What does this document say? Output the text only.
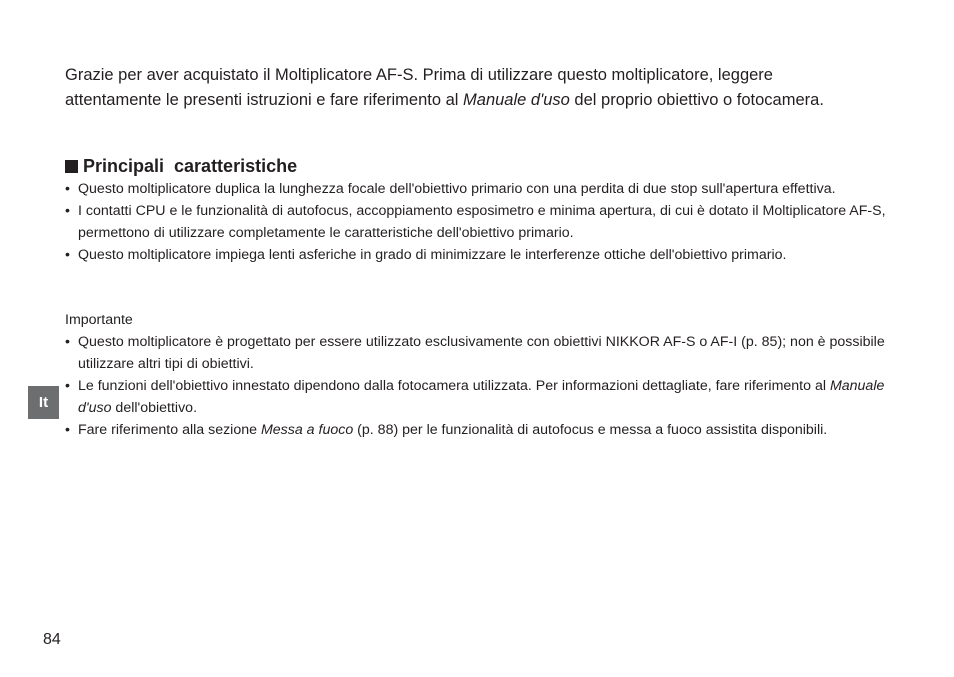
Grazie per aver acquistato il Moltiplicatore AF-S. Prima di utilizzare questo moltiplicatore, leggere attentamente le presenti istruzioni e fare riferimento al Manuale d'uso del proprio obiettivo o fotocamera.

Principali  caratteristiche
• Questo moltiplicatore duplica la lunghezza focale dell'obiettivo primario con una perdita di due stop sull'apertura effettiva.
• I contatti CPU e le funzionalità di autofocus, accoppiamento esposimetro e minima apertura, di cui è dotato il Moltiplicatore AF-S, permettono di utilizzare completamente le caratteristiche dell'obiettivo primario.
• Questo moltiplicatore impiega lenti asferiche in grado di minimizzare le interferenze ottiche dell'obiettivo primario.

Importante

• Questo moltiplicatore è progettato per essere utilizzato esclusivamente con obiettivi NIKKOR AF-S o AF-I (p. 85); non è possibile utilizzare altri tipi di obiettivi.
• Le funzioni dell'obiettivo innestato dipendono dalla fotocamera utilizzata. Per informazioni dettagliate, fare riferimento al Manuale d'uso dell'obiettivo.
• Fare riferimento alla sezione Messa a fuoco (p. 88) per le funzionalità di autofocus e messa a fuoco assistita disponibili.
It
84
